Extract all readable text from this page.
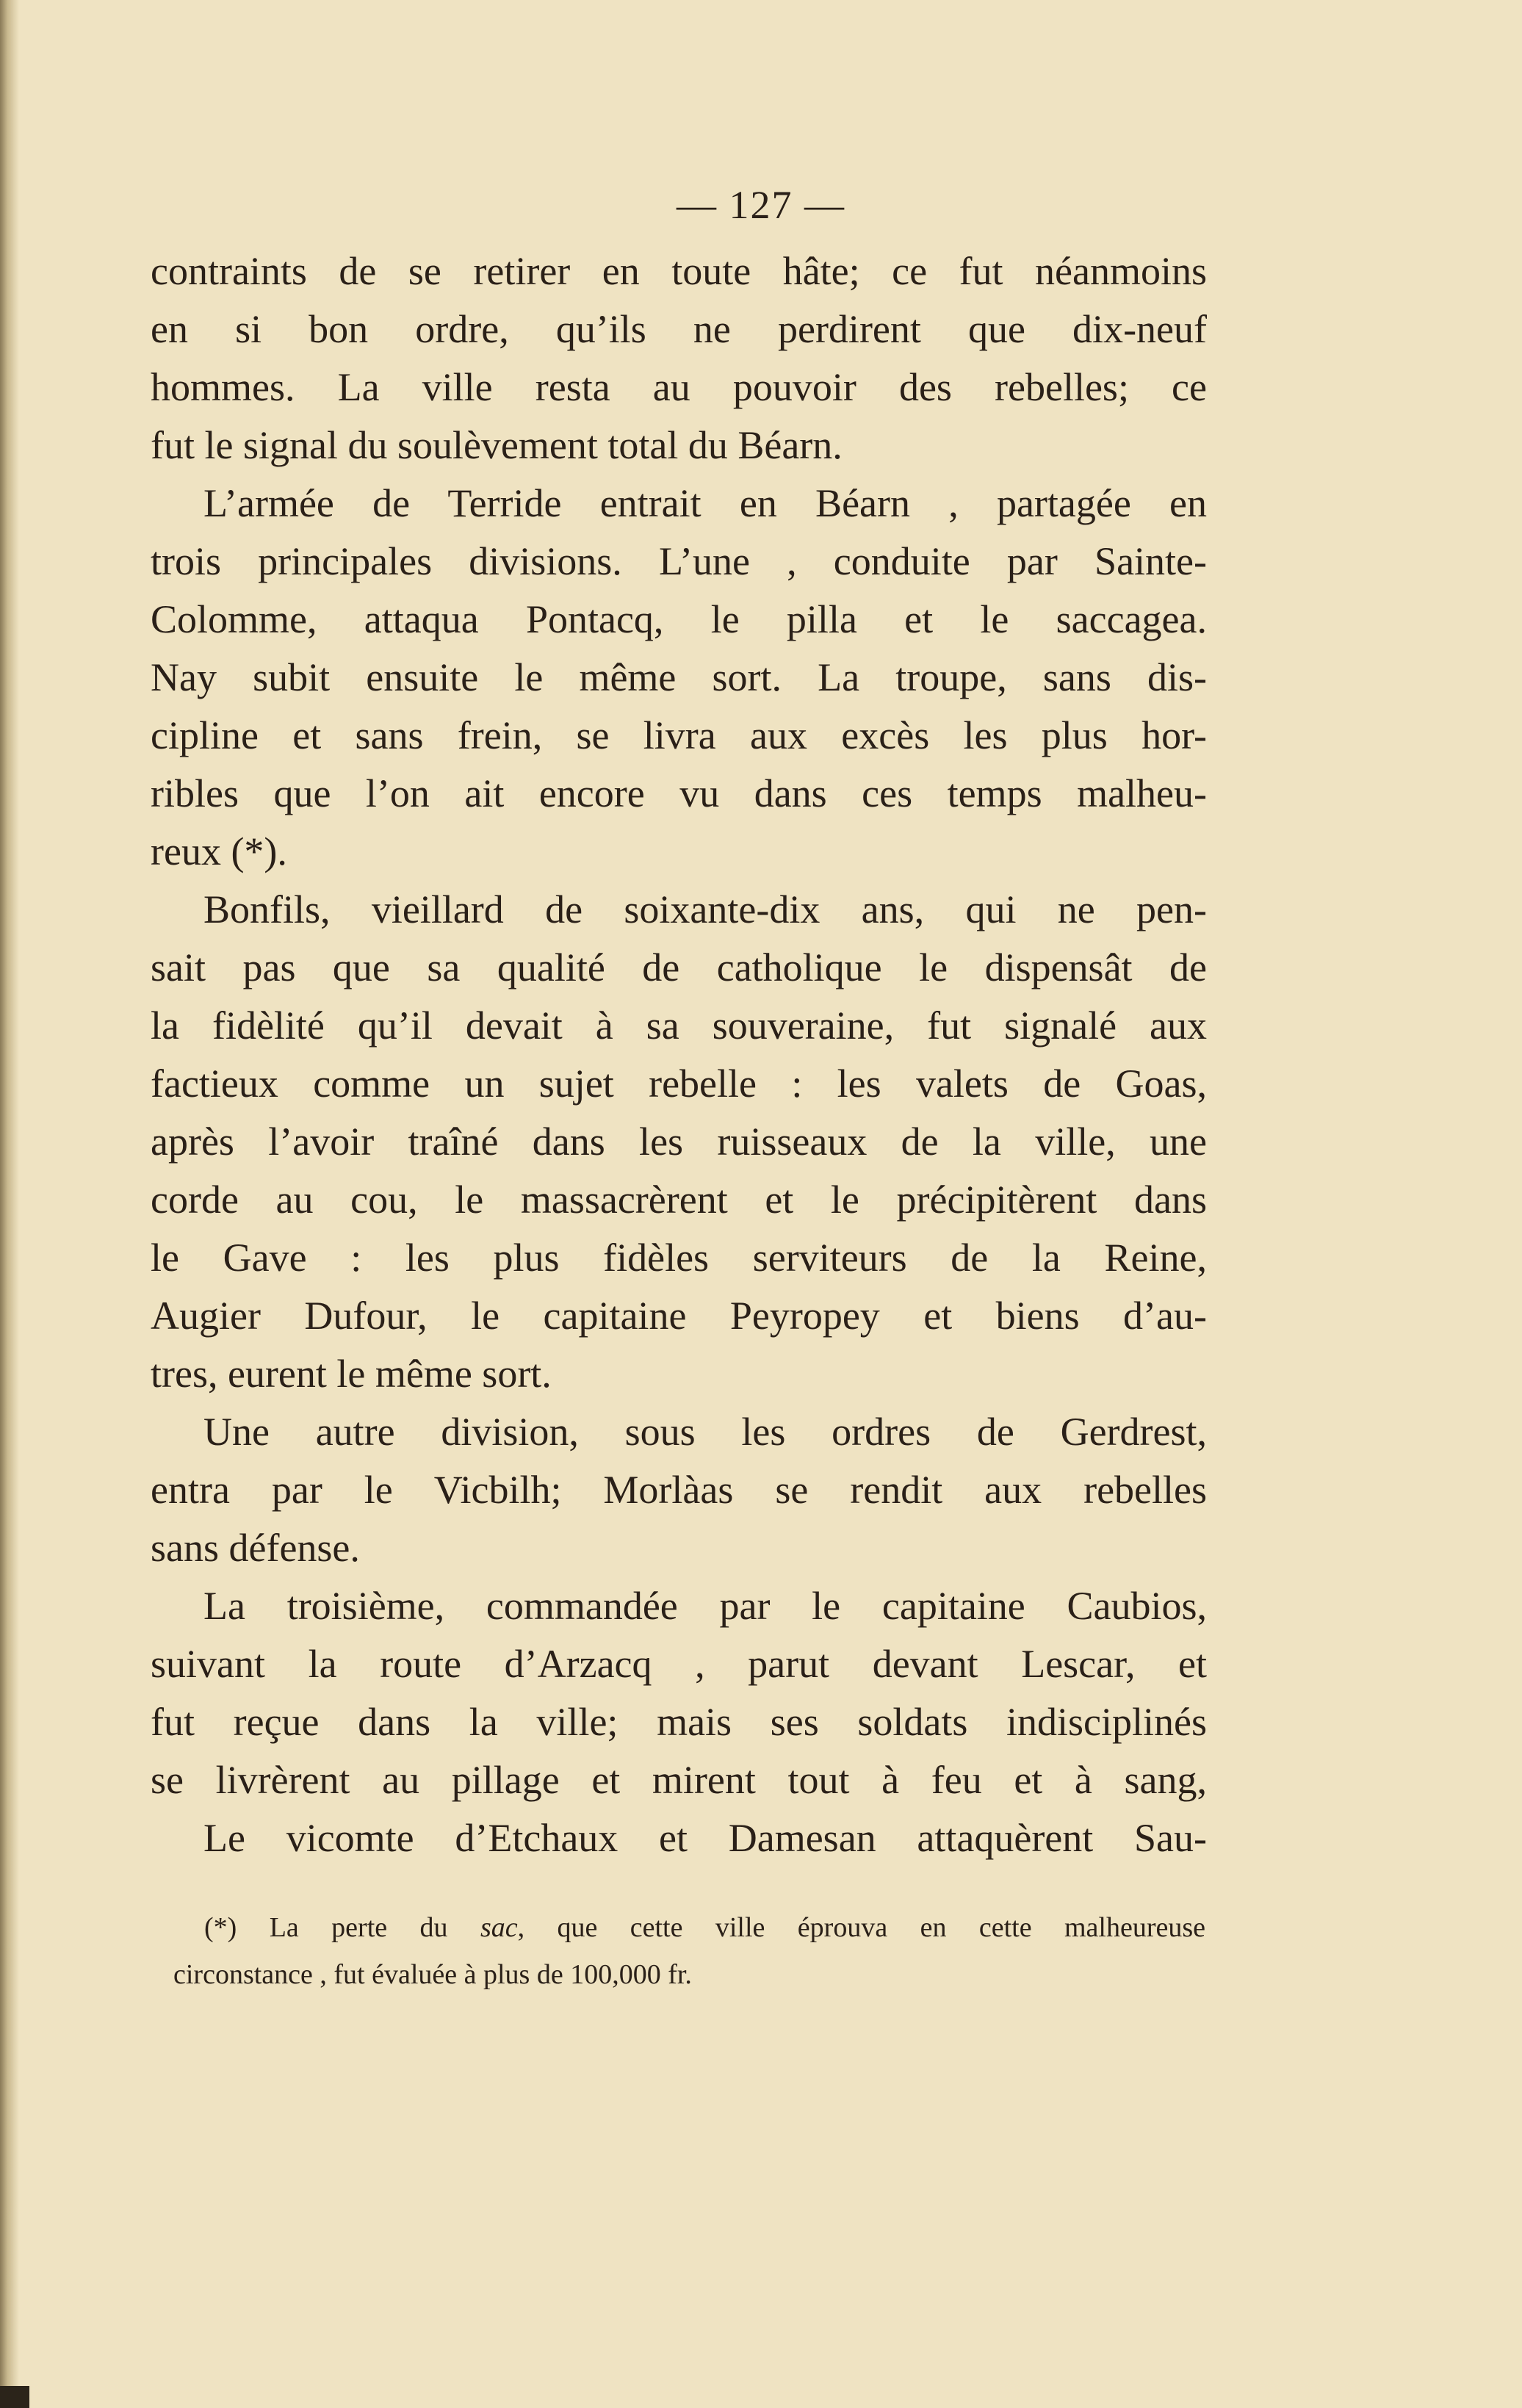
— 127 —
contraints de se retirer en toute hâte; ce fut néanmoins
en si bon ordre, qu’ils ne perdirent que dix-neuf
hommes. La ville resta au pouvoir des rebelles; ce
fut le signal du soulèvement total du Béarn.
L’armée de Terride entrait en Béarn , partagée en
trois principales divisions. L’une , conduite par Sainte-
Colomme, attaqua Pontacq, le pilla et le saccagea.
Nay subit ensuite le même sort. La troupe, sans dis-
cipline et sans frein, se livra aux excès les plus hor-
ribles que l’on ait encore vu dans ces temps malheu-
reux (*).
Bonfils, vieillard de soixante-dix ans, qui ne pen-
sait pas que sa qualité de catholique le dispensât de
la fidèlité qu’il devait à sa souveraine, fut signalé aux
factieux comme un sujet rebelle : les valets de Goas,
après l’avoir traîné dans les ruisseaux de la ville, une
corde au cou, le massacrèrent et le précipitèrent dans
le Gave : les plus fidèles serviteurs de la Reine,
Augier Dufour, le capitaine Peyropey et biens d’au-
tres, eurent le même sort.
Une autre division, sous les ordres de Gerdrest,
entra par le Vicbilh; Morlàas se rendit aux rebelles
sans défense.
La troisième, commandée par le capitaine Caubios,
suivant la route d’Arzacq , parut devant Lescar, et
fut reçue dans la ville; mais ses soldats indisciplinés
se livrèrent au pillage et mirent tout à feu et à sang,
Le vicomte d’Etchaux et Damesan attaquèrent Sau-
(*) La perte du sac, que cette ville éprouva en cette malheureuse
circonstance , fut évaluée à plus de 100,000 fr.
